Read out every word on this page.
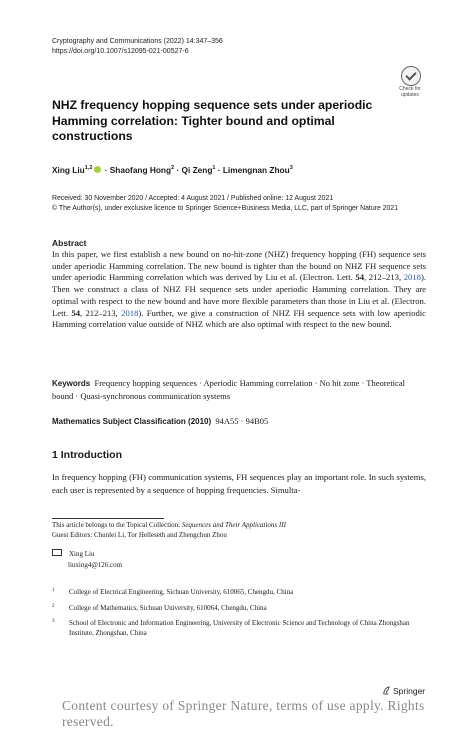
Cryptography and Communications (2022) 14:347–356
https://doi.org/10.1007/s12095-021-00527-6
Check for updates
NHZ frequency hopping sequence sets under aperiodic
Hamming correlation: Tighter bound and optimal
constructions
Xing Liu$^{1,2}$ · Shaofang Hong$^2$ · Qi Zeng$^1$ · Limengnan Zhou$^3$
Received: 30 November 2020 / Accepted: 4 August 2021 / Published online: 12 August 2021
© The Author(s), under exclusive licence to Springer Science+Business Media, LLC, part of Springer Nature 2021
Abstract
In this paper, we first establish a new bound on no-hit-zone (NHZ) frequency hopping (FH) sequence sets under aperiodic Hamming correlation. The new bound is tighter than the bound on NHZ FH sequence sets under aperiodic Hamming correlation which was derived by Liu et al. (Electron. Lett. 54, 212–213, 2018). Then we construct a class of NHZ FH sequence sets under aperiodic Hamming correlation. They are optimal with respect to the new bound and have more flexible parameters than those in Liu et al. (Electron. Lett. 54, 212–213, 2018). Further, we give a construction of NHZ FH sequence sets with low aperiodic Hamming correlation value outside of NHZ which are also optimal with respect to the new bound.
Keywords Frequency hopping sequences · Aperiodic Hamming correlation · No hit zone · Theoretical bound · Quasi-synchronous communication systems
Mathematics Subject Classification (2010) 94A55 · 94B05
1 Introduction
In frequency hopping (FH) communication systems, FH sequences play an important role. In such systems, each user is represented by a sequence of hopping frequencies. Simulta-
This article belongs to the Topical Collection: Sequences and Their Applications III
Guest Editors: Chunlei Li, Tor Helleseth and Zhengchun Zhou
Xing Liu
liuxing4@126.com
1 College of Electrical Engineering, Sichuan University, 610065, Chengdu, China
2 College of Mathematics, Sichuan University, 610064, Chengdu, China
3 School of Electronic and Information Engineering, University of Electronic Science and Technology of China Zhongshan Institute, Zhongshan, China
Springer
Content courtesy of Springer Nature, terms of use apply. Rights reserved.
